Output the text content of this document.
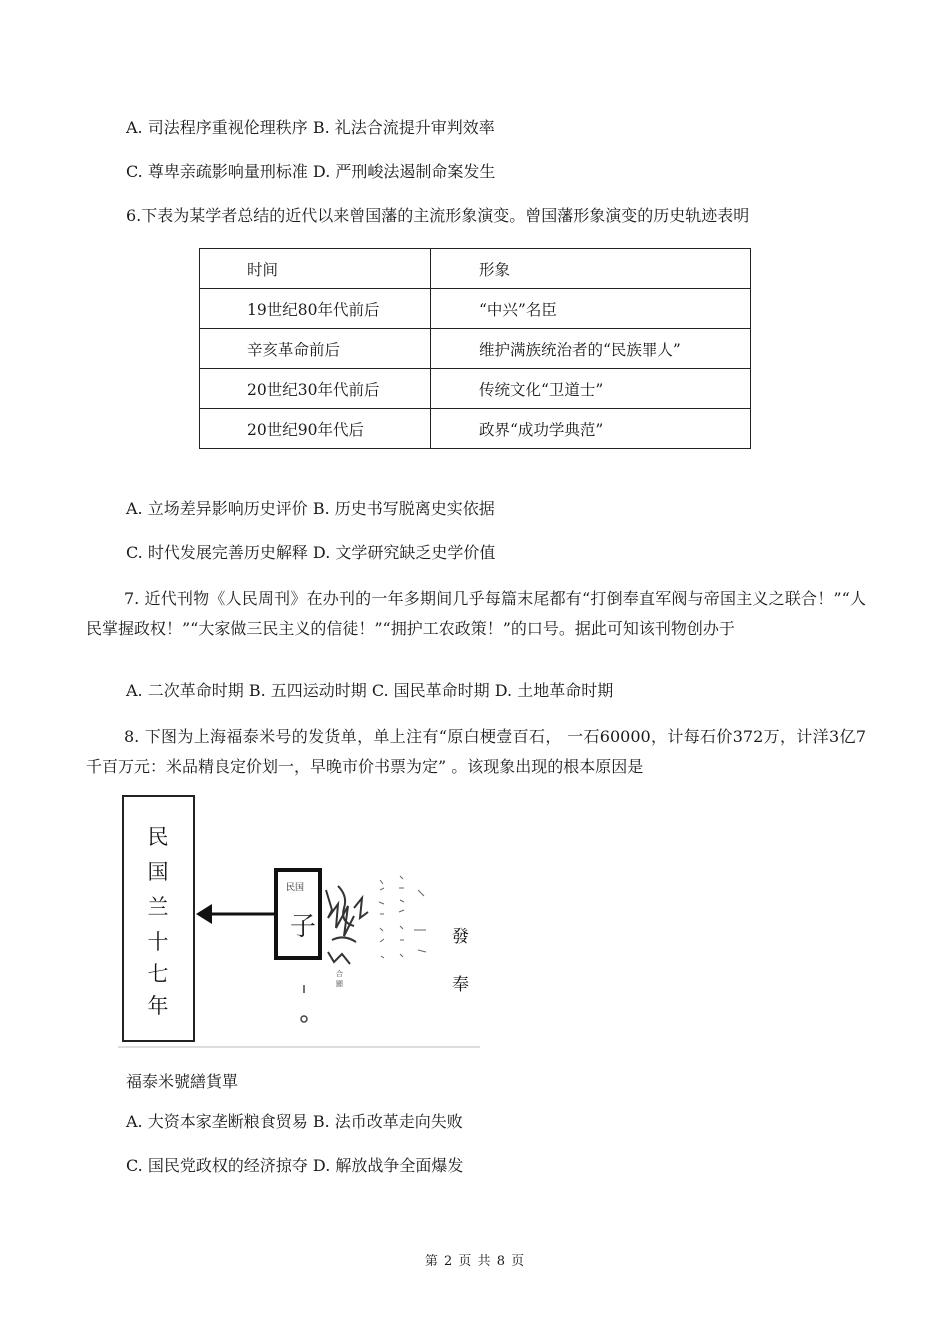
A. 司法程序重视伦理秩序 B. 礼法合流提升审判效率
C. 尊卑亲疏影响量刑标准 D. 严刑峻法遏制命案发生
6.下表为某学者总结的近代以来曾国藩的主流形象演变。曾国藩形象演变的历史轨迹表明
时间	形象
19世纪80年代前后	“中兴”名臣
辛亥革命前后	维护满族统治者的“民族罪人”
20世纪30年代前后	传统文化“卫道士”
20世纪90年代后	政界“成功学典范”
A. 立场差异影响历史评价 B. 历史书写脱离史实依据
C. 时代发展完善历史解释 D. 文学研究缺乏史学价值
7. 近代刊物《人民周刊》在办刊的一年多期间几乎每篇末尾都有“打倒奉直军阀与帝国主义之联合！”“人民掌握政权！”“大家做三民主义的信徒！”“拥护工农政策！”的口号。据此可知该刊物创办于
A. 二次革命时期 B. 五四运动时期 C. 国民革命时期 D. 土地革命时期
8. 下图为上海福泰米号的发货单，单上注有“原白梗壹百石， 一石60000，计每石价372万，计洋3亿7千百万元：米品精良定价划一，早晚市价书票为定” 。该现象出现的根本原因是
民
国
兰
十
七
年
民国
子
合
顯
發
奉
福泰米號繕貨單
A. 大资本家垄断粮食贸易 B. 法币改革走向失败
C. 国民党政权的经济掠夺 D. 解放战争全面爆发
第 2 页 共 8 页
